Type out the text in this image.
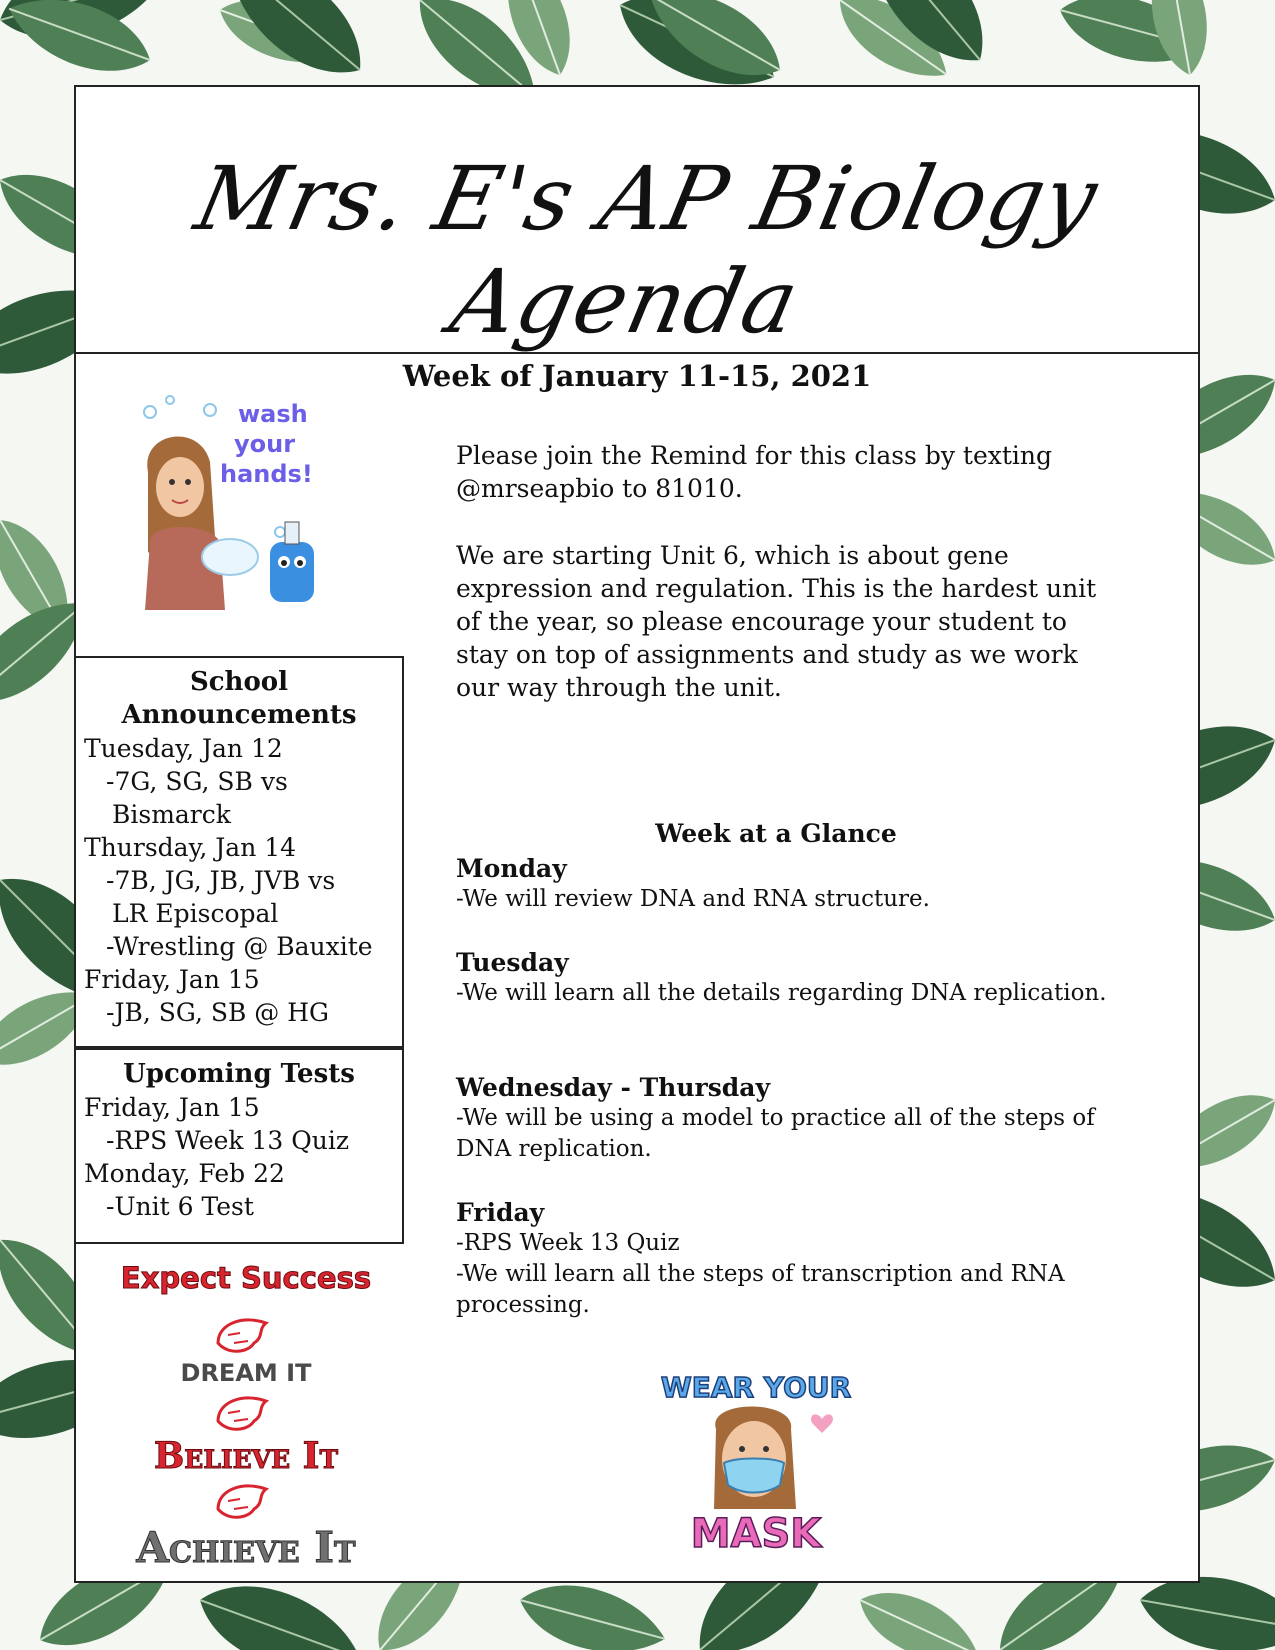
Mrs. E's AP Biology Agenda
Week of January 11-15, 2021
wash
your
hands!
School
Announcements
Tuesday, Jan 12
-7G, SG, SB vs
Bismarck
Thursday, Jan 14
-7B, JG, JB, JVB vs
LR Episcopal
-Wrestling @ Bauxite
Friday, Jan 15
-JB, SG, SB @ HG
Upcoming Tests
Friday, Jan 15
-RPS Week 13 Quiz
Monday, Feb 22
-Unit 6 Test
Expect Success
DREAM IT
Believe It
Achieve It
Please join the Remind for this class by texting @mrseapbio to 81010.
We are starting Unit 6, which is about gene expression and regulation. This is the hardest unit of the year, so please encourage your student to stay on top of assignments and study as we work our way through the unit.
Week at a Glance
Monday
-We will review DNA and RNA structure.
Tuesday
-We will learn all the details regarding DNA replication.
Wednesday - Thursday
-We will be using a model to practice all of the steps of DNA replication.
Friday
-RPS Week 13 Quiz
-We will learn all the steps of transcription and RNA processing.
WEAR YOUR
MASK
